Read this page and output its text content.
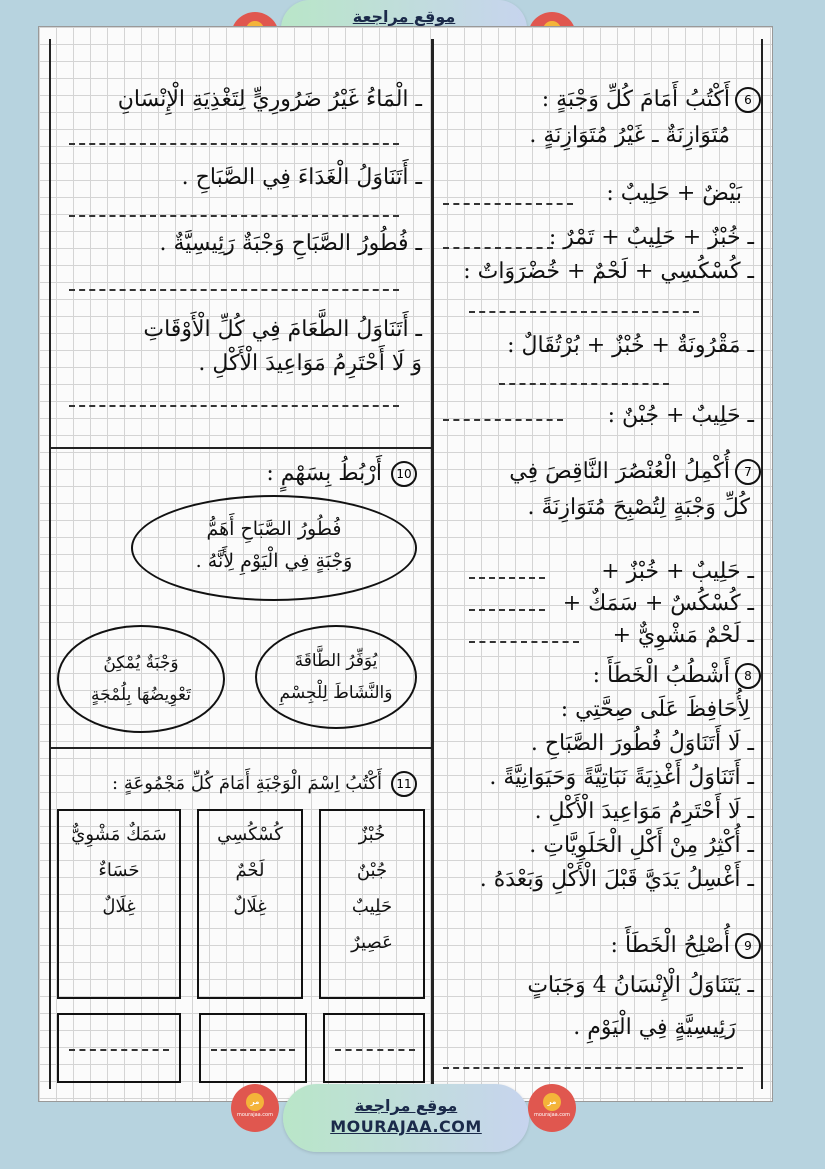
موقع مراجعة
ـ الْمَاءُ غَيْرُ ضَرُورِيٍّ لِتَغْذِيَةِ الْإِنْسَانِ
ـ أَتَنَاوَلُ الْغَدَاءَ فِي الصَّبَاحِ .
ـ فُطُورُ الصَّبَاحِ وَجْبَةٌ رَئِيسِيَّةٌ .
ـ أَتَنَاوَلُ الطَّعَامَ فِي كُلِّ الْأَوْقَاتِ
وَ لَا أَحْتَرِمُ مَوَاعِيدَ الْأَكْلِ .
10
أَرْبُطُ بِسَهْمٍ :
فُطُورُ الصَّبَاحِ أَهَمُّ
وَجْبَةٍ فِي الْيَوْمِ لِأَنَّهُ .
يُوَفِّرُ الطَّاقَةَ
وَالنَّشَاطَ لِلْجِسْمِ
وَجْبَةٌ يُمْكِنُ
تَعْوِيضُهَا بِلُمْجَةٍ
11
أَكْتُبُ اِسْمَ الْوَجْبَةِ أَمَامَ كُلِّ مَجْمُوعَةٍ :
خُبْزٌ
جُبْنٌ
حَلِيبٌ
عَصِيرٌ
كُسْكُسِي
لَحْمٌ
غِلَالٌ
سَمَكٌ مَشْوِيٌّ
حَسَاءٌ
غِلَالٌ
6
أَكْتُبُ أَمَامَ كُلِّ وَجْبَةٍ :
مُتَوَازِنَةٌ ـ غَيْرُ مُتَوَازِنَةٍ .
بَيْضٌ + حَلِيبٌ :
ـ خُبْزٌ + حَلِيبٌ + تَمْرٌ :
ـ كُسْكُسِي + لَحْمٌ + خُضْرَوَاتٌ :
ـ مَقْرُونَةٌ + خُبْزٌ + بُرْتُقَالٌ :
ـ حَلِيبٌ + جُبْنٌ :
7
أُكْمِلُ الْعُنْصُرَ النَّاقِصَ فِي
كُلِّ وَجْبَةٍ لِتُصْبِحَ مُتَوَازِنَةً .
ـ حَلِيبٌ + خُبْزٌ +
ـ كُسْكُسٌ + سَمَكٌ +
ـ لَحْمٌ مَشْوِيٌّ +
8
أَشْطُبُ الْخَطَأَ :
لِأُحَافِظَ عَلَى صِحَّتِي :
ـ لَا أَتَنَاوَلُ فُطُورَ الصَّبَاحِ .
ـ أَتَنَاوَلُ أَغْذِيَةً نَبَاتِيَّةً وَحَيَوَانِيَّةً .
ـ لَا أَحْتَرِمُ مَوَاعِيدَ الْأَكْلِ .
ـ أُكْثِرُ مِنْ أَكْلِ الْحَلَوِيَّاتِ .
ـ أَغْسِلُ يَدَيَّ قَبْلَ الْأَكْلِ وَبَعْدَهُ .
9
أُصْلِحُ الْخَطَأَ :
ـ يَتَنَاوَلُ الْإِنْسَانُ 4 وَجَبَاتٍ
رَئِيسِيَّةٍ فِي الْيَوْمِ .
مر
mourajaa.com	موقع مراجعة
MOURAJAA.COM
مر
mourajaa.com
